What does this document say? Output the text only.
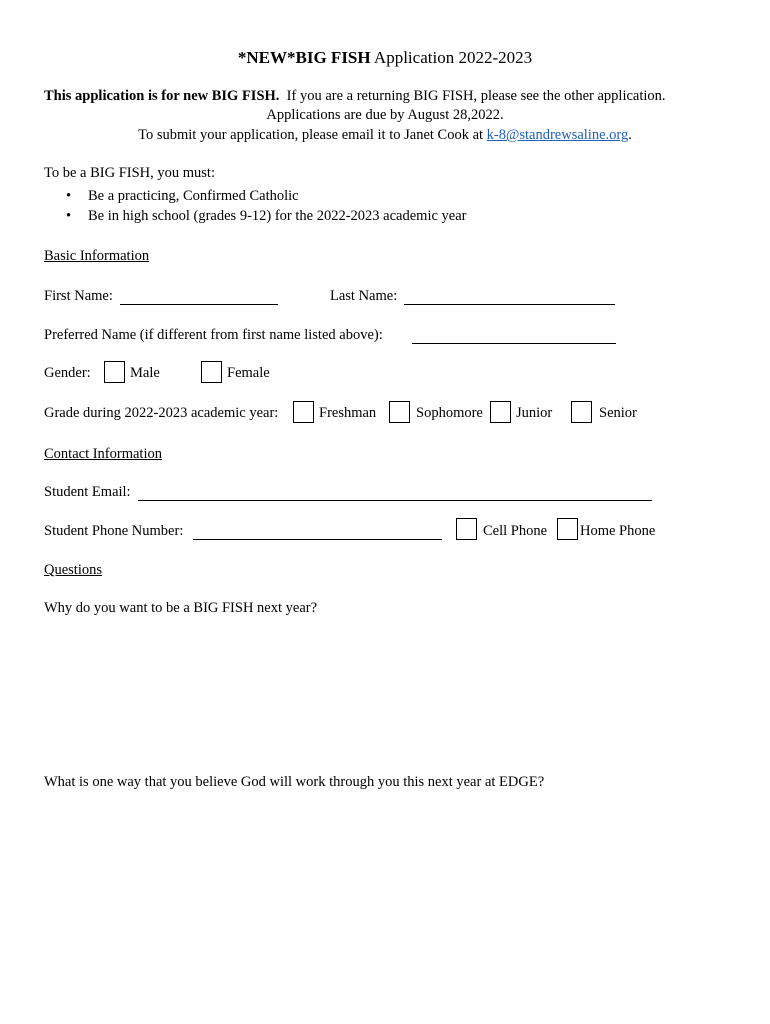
*NEW*BIG FISH Application 2022-2023
This application is for new BIG FISH. If you are a returning BIG FISH, please see the other application.
Applications are due by August 28,2022.
To submit your application, please email it to Janet Cook at k-8@standrewsaline.org.
To be a BIG FISH, you must:
• Be a practicing, Confirmed Catholic
• Be in high school (grades 9-12) for the 2022-2023 academic year
Basic Information
First Name:	Last Name:
Preferred Name (if different from first name listed above):
Gender:	Male	Female
Grade during 2022-2023 academic year:	Freshman	Sophomore Junior	Senior
Contact Information
Student Email:
Student Phone Number:	Cell Phone Home Phone
Questions
Why do you want to be a BIG FISH next year?
What is one way that you believe God will work through you this next year at EDGE?
